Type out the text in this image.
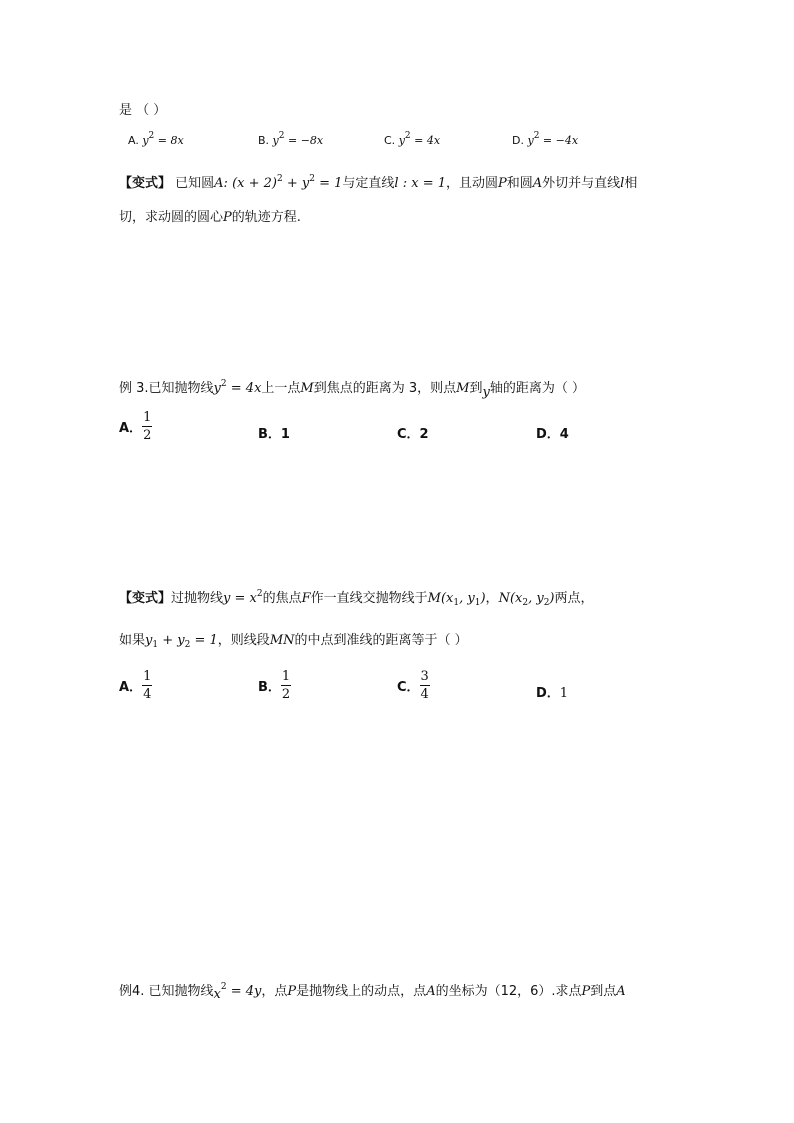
是 （ ）
A. $y^2 = 8x$	B. $y^2 = -8x$	C. $y^2 = 4x$	D. $y^2 = -4x$
【变式】 已知圆A: $(x + 2)^2 + y^2 = 1$与定直线l : x = 1，且动圆P和圆A外切并与直线l相
切，求动圆的圆心P的轨迹方程.
例 3.已知抛物线$y^2 = 4x$上一点M到焦点的距离为 3，则点M到y轴的距离为（ ）
A． $\frac{1}{2}$	B．1	C．2	D．4
【变式】过抛物线$y = x^2$的焦点F作一直线交抛物线于$M(x_1$, $y_1$)，$N(x_2$, $y_2$)两点，
如果$y_1 + y_2 = 1$，则线段MN的中点到准线的距离等于（ ）
A． $\frac{1}{4}$	B． $\frac{1}{2}$	C． $\frac{3}{4}$	D．1
例4. 已知抛物线$x^2 = 4y$，点P是抛物线上的动点，点A的坐标为（12，6）.求点P到点A
